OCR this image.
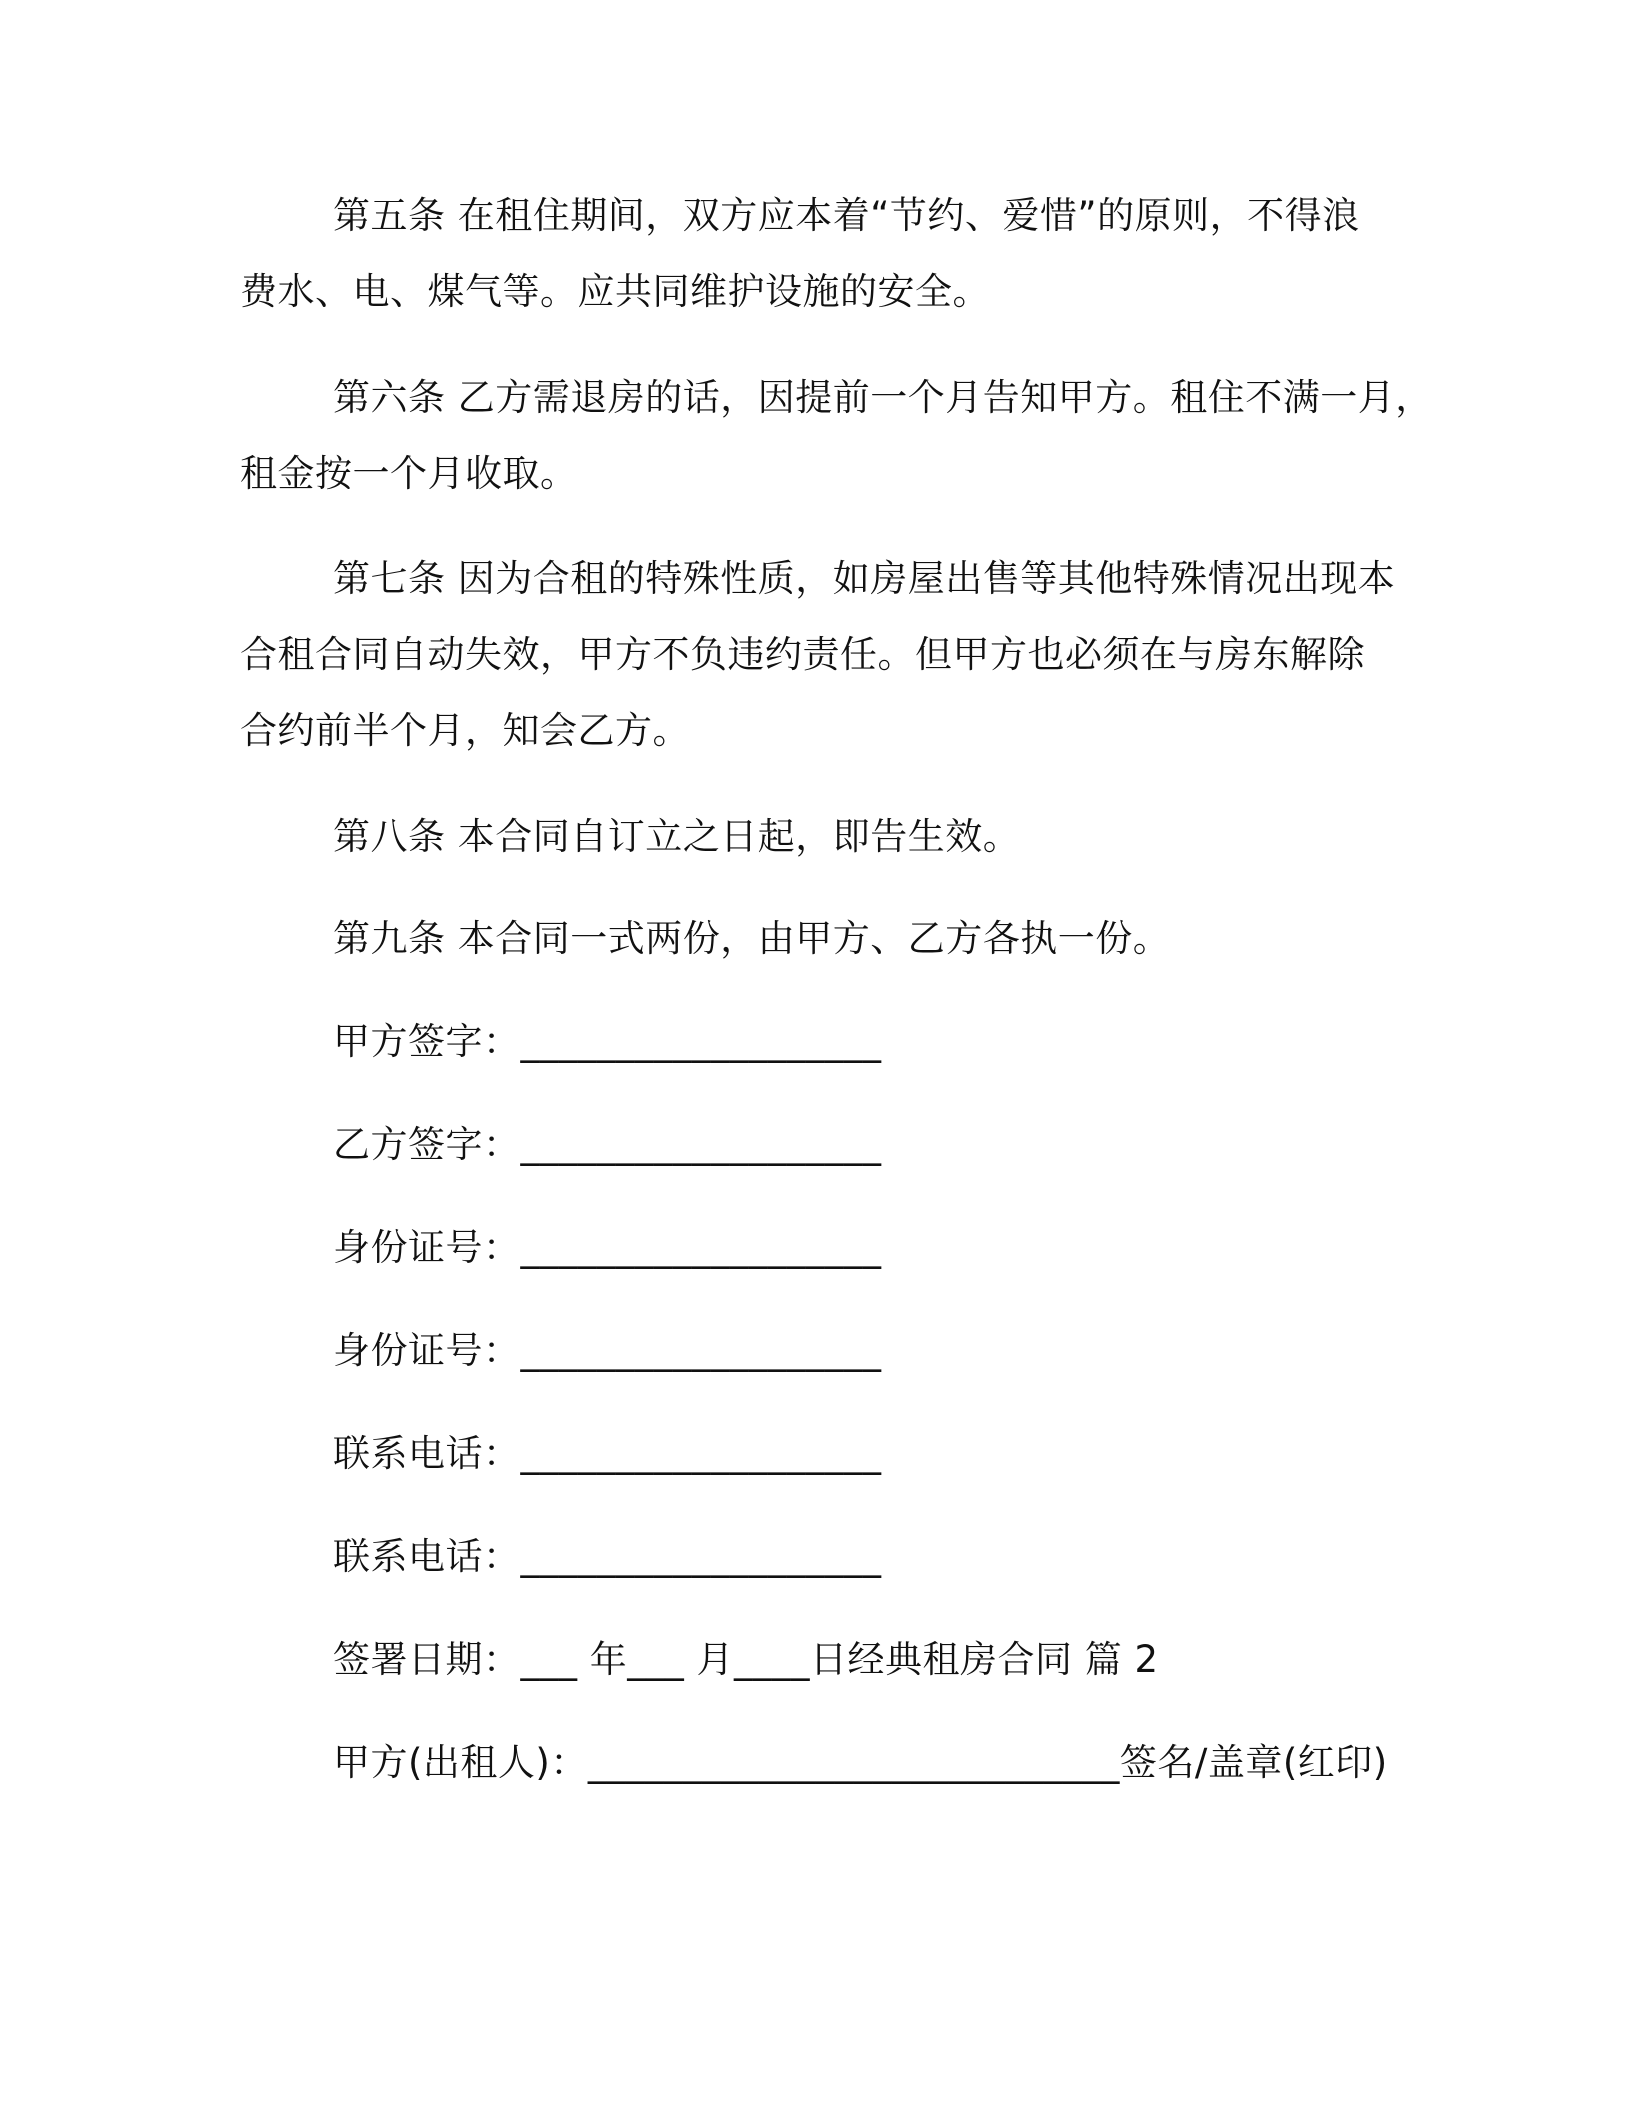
第五条 在租住期间，双方应本着“节约、爱惜”的原则，不得浪
费水、电、煤气等。应共同维护设施的安全。
第六条 乙方需退房的话，因提前一个月告知甲方。租住不满一月，
租金按一个月收取。
第七条 因为合租的特殊性质，如房屋出售等其他特殊情况出现本
合租合同自动失效，甲方不负违约责任。但甲方也必须在与房东解除
合约前半个月，知会乙方。
第八条 本合同自订立之日起，即告生效。
第九条 本合同一式两份，由甲方、乙方各执一份。
甲方签字：___________________
乙方签字：___________________
身份证号：___________________
身份证号：___________________
联系电话：___________________
联系电话：___________________
签署日期：___ 年___ 月____日经典租房合同 篇 2
甲方(出租人)：____________________________签名/盖章(红印)
